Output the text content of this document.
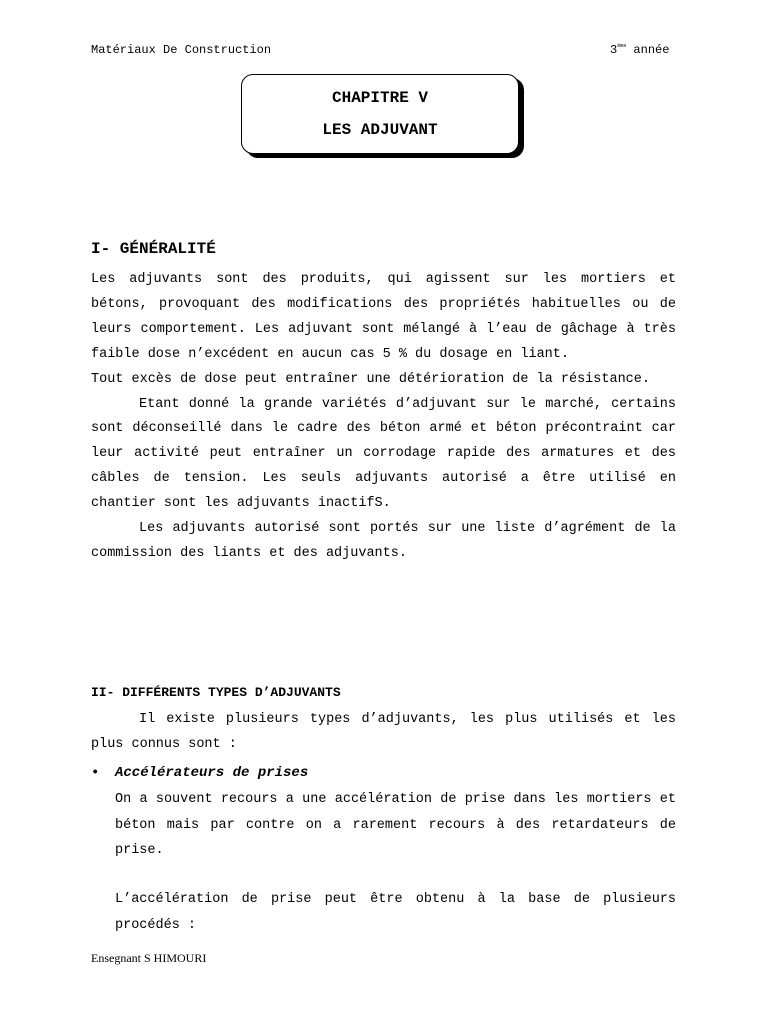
Matériaux De Construction	3ème année
CHAPITRE V
LES ADJUVANT
I- GÉNÉRALITÉ

Les adjuvants sont des produits, qui agissent sur les mortiers et bétons, provoquant des modifications des propriétés habituelles ou de leurs comportement. Les adjuvant sont mélangé à l’eau de gâchage à très faible dose n’excédent en aucun cas 5 % du dosage en liant.

Tout excès de dose peut entraîner une détérioration de la résistance.

Etant donné la grande variétés d’adjuvant sur le marché, certains sont déconseillé dans le cadre des béton armé et béton précontraint car leur activité peut entraîner un corrodage rapide des armatures et des câbles de tension. Les seuls adjuvants autorisé a être utilisé en chantier sont les adjuvants inactifS.

Les adjuvants autorisé sont portés sur une liste d’agrément de la commission des liants et des adjuvants.

II- DIFFÉRENTS TYPES D’ADJUVANTS

Il existe plusieurs types d’adjuvants, les plus utilisés et les plus connus sont :

• Accélérateurs de prises

On a souvent recours a une accélération de prise dans les mortiers et béton mais par contre on a rarement recours à des retardateurs de prise.

L’accélération de prise peut être obtenu à la base de plusieurs procédés :

Ensegnant S HIMOURI
